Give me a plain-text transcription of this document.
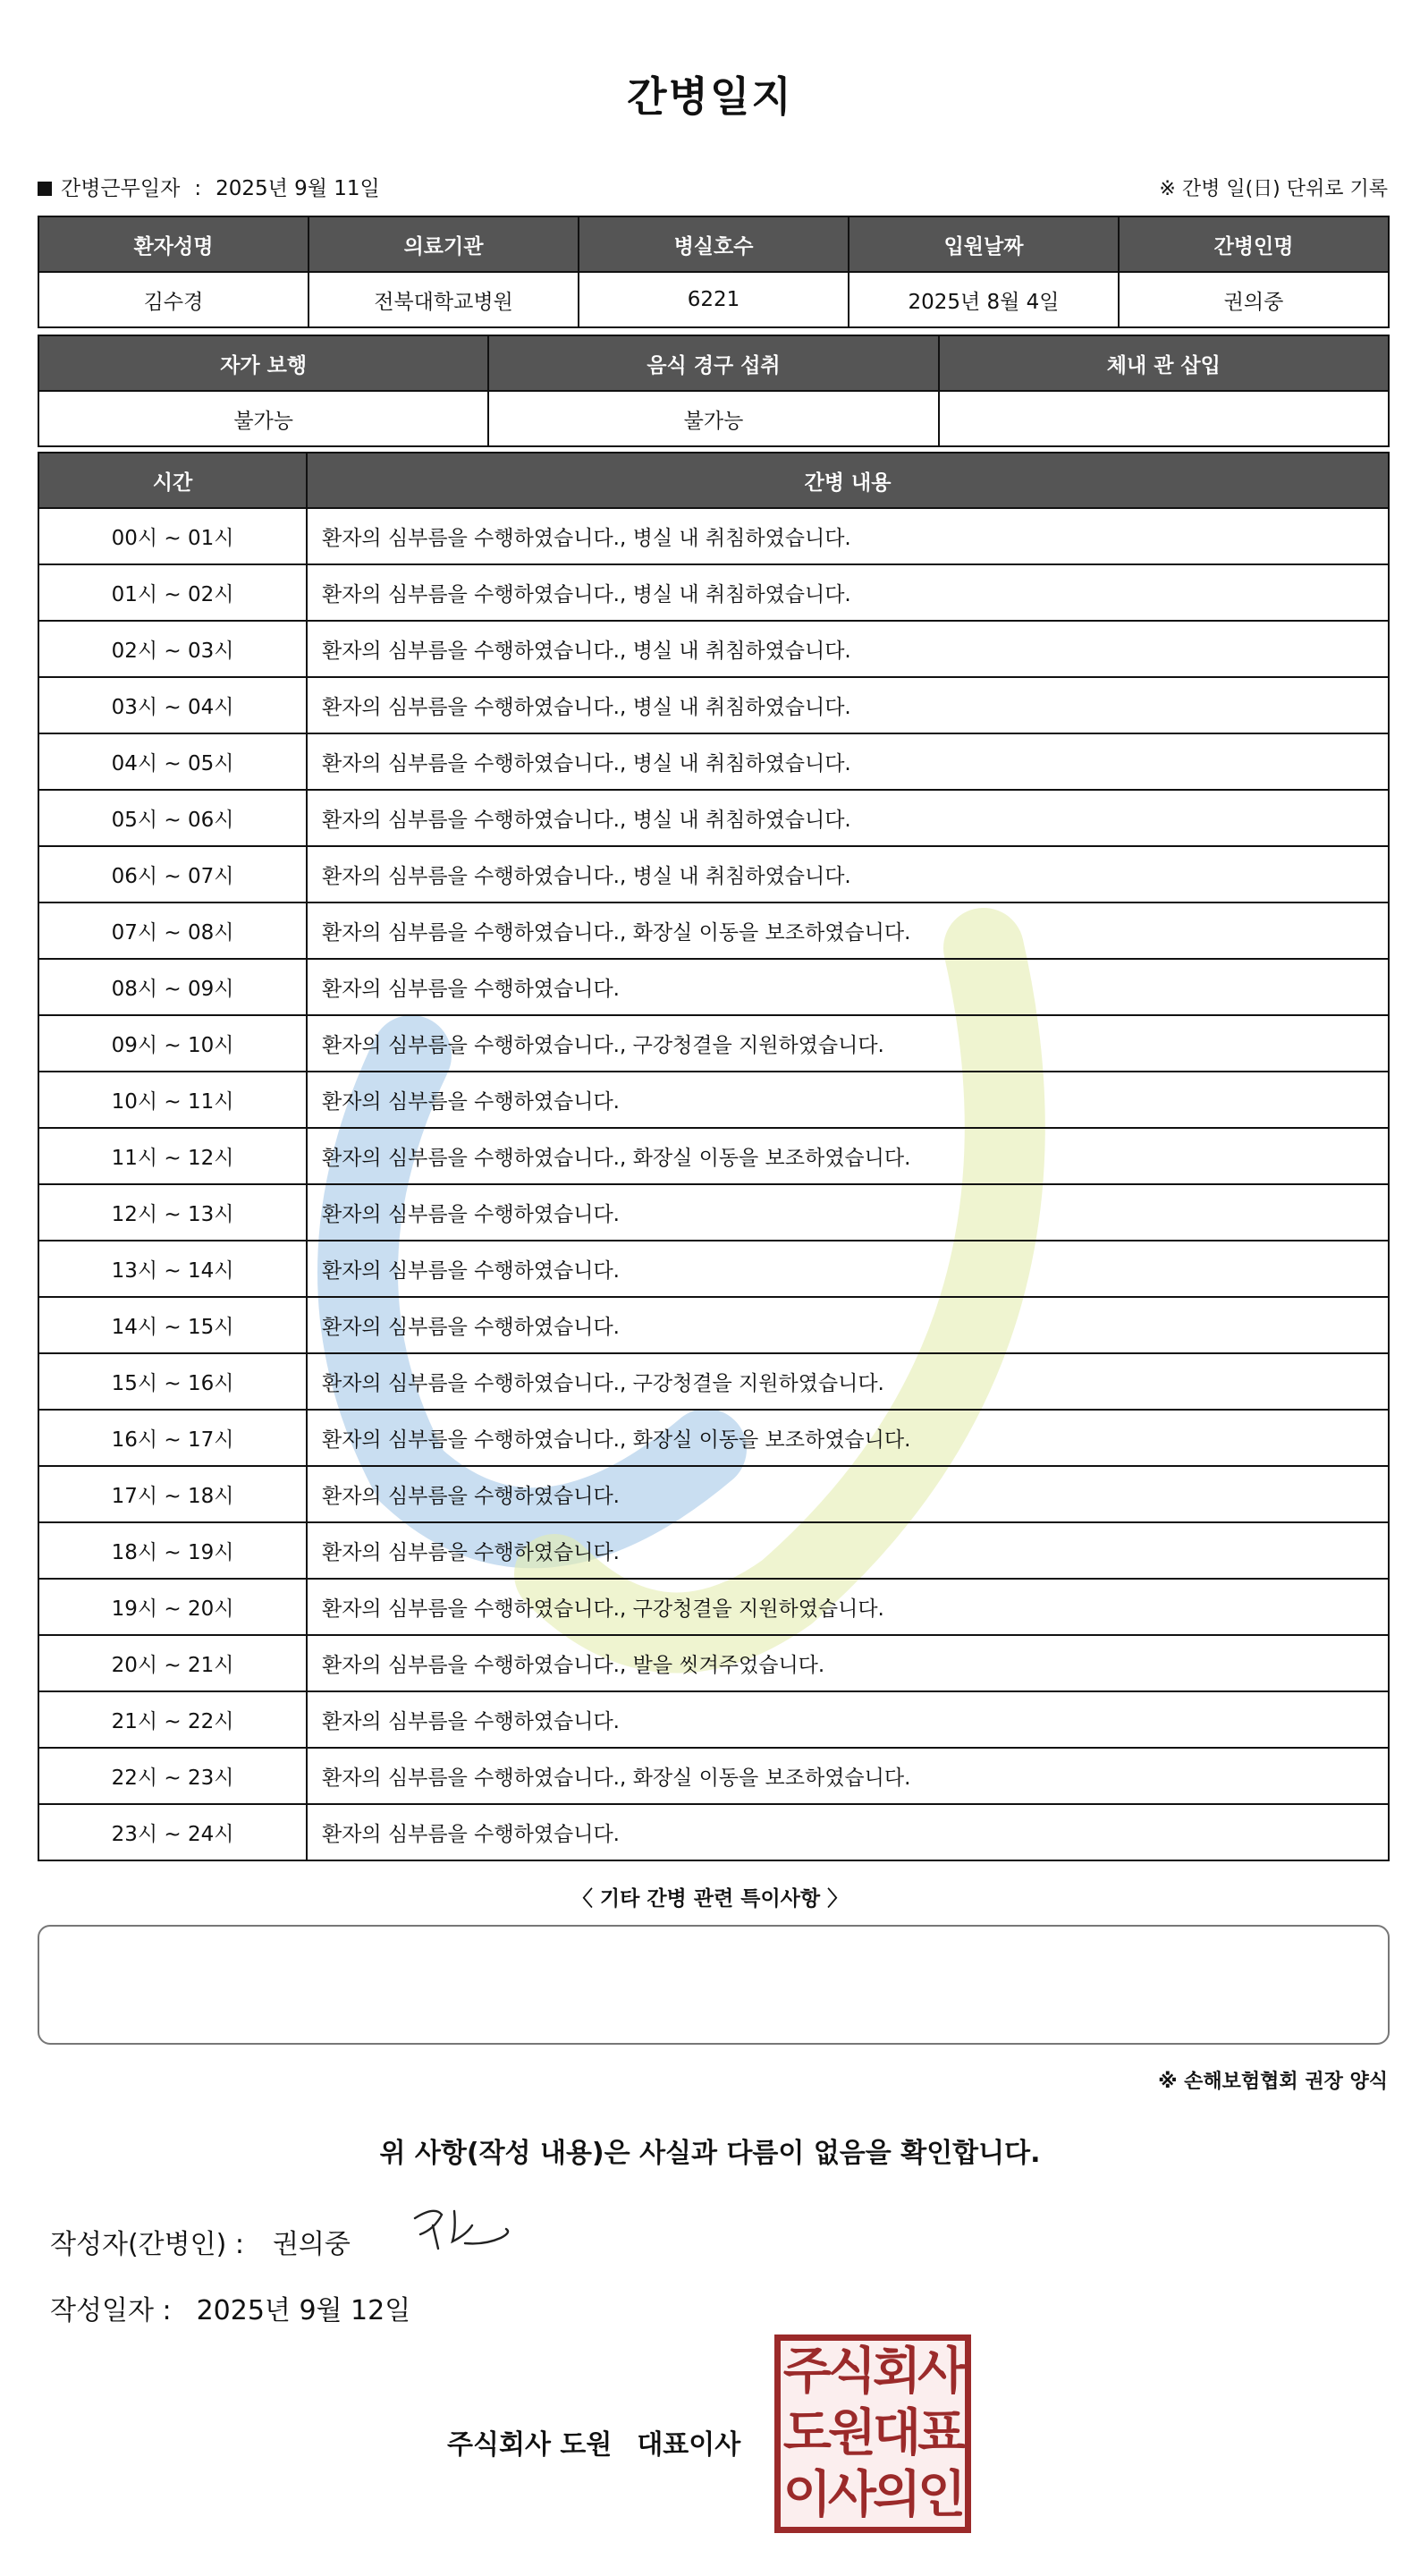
간병일지
간병근무일자 : 2025년 9월 11일	※ 간병 일(日) 단위로 기록
환자성명	의료기관	병실호수	입원날짜	간병인명
김수경	전북대학교병원	6221	2025년 8월 4일	권의중
자가 보행	음식 경구 섭취	체내 관 삽입
불가능	불가능	
시간	간병 내용
00시 ~ 01시	환자의 심부름을 수행하였습니다., 병실 내 취침하였습니다.
01시 ~ 02시	환자의 심부름을 수행하였습니다., 병실 내 취침하였습니다.
02시 ~ 03시	환자의 심부름을 수행하였습니다., 병실 내 취침하였습니다.
03시 ~ 04시	환자의 심부름을 수행하였습니다., 병실 내 취침하였습니다.
04시 ~ 05시	환자의 심부름을 수행하였습니다., 병실 내 취침하였습니다.
05시 ~ 06시	환자의 심부름을 수행하였습니다., 병실 내 취침하였습니다.
06시 ~ 07시	환자의 심부름을 수행하였습니다., 병실 내 취침하였습니다.
07시 ~ 08시	환자의 심부름을 수행하였습니다., 화장실 이동을 보조하였습니다.
08시 ~ 09시	환자의 심부름을 수행하였습니다.
09시 ~ 10시	환자의 심부름을 수행하였습니다., 구강청결을 지원하였습니다.
10시 ~ 11시	환자의 심부름을 수행하였습니다.
11시 ~ 12시	환자의 심부름을 수행하였습니다., 화장실 이동을 보조하였습니다.
12시 ~ 13시	환자의 심부름을 수행하였습니다.
13시 ~ 14시	환자의 심부름을 수행하였습니다.
14시 ~ 15시	환자의 심부름을 수행하였습니다.
15시 ~ 16시	환자의 심부름을 수행하였습니다., 구강청결을 지원하였습니다.
16시 ~ 17시	환자의 심부름을 수행하였습니다., 화장실 이동을 보조하였습니다.
17시 ~ 18시	환자의 심부름을 수행하였습니다.
18시 ~ 19시	환자의 심부름을 수행하였습니다.
19시 ~ 20시	환자의 심부름을 수행하였습니다., 구강청결을 지원하였습니다.
20시 ~ 21시	환자의 심부름을 수행하였습니다., 발을 씻겨주었습니다.
21시 ~ 22시	환자의 심부름을 수행하였습니다.
22시 ~ 23시	환자의 심부름을 수행하였습니다., 화장실 이동을 보조하였습니다.
23시 ~ 24시	환자의 심부름을 수행하였습니다.
〈 기타 간병 관련 특이사항 〉
※ 손해보험협회 권장 양식
위 사항(작성 내용)은 사실과 다름이 없음을 확인합니다.
작성자(간병인) : 권의중
작성일자 : 2025년 9월 12일
주식회사 도원 대표이사
주식회사
도원대표
이사의인
